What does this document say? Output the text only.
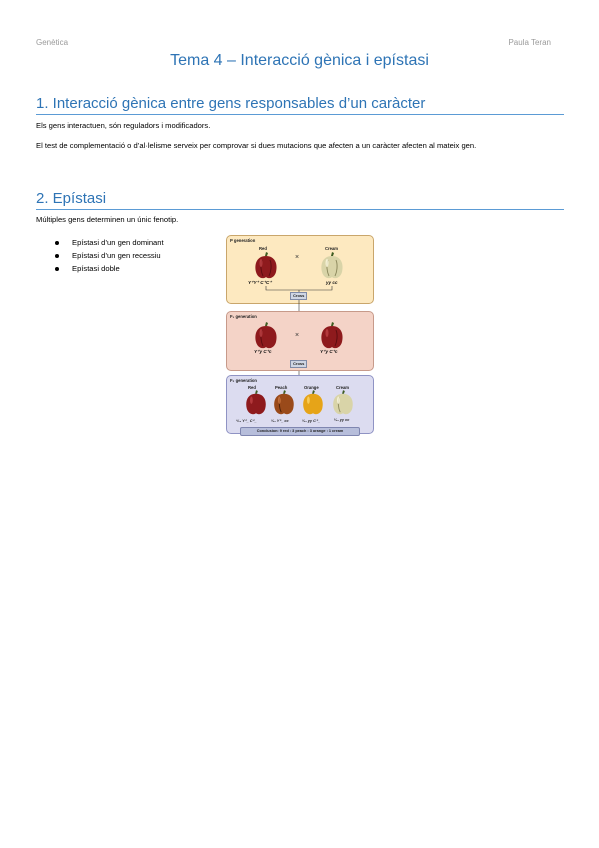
Genètica	Paula Teran
Tema 4 – Interacció gènica i epístasi
1. Interacció gènica entre gens responsables d’un caràcter
Els gens interactuen, són reguladors i modificadors.
El test de complementació o d’al·lelisme serveix per comprovar si dues mutacions que afecten a un caràcter afecten al mateix gen.
2. Epístasi
Múltiples gens determinen un únic fenotip.
Epístasi d’un gen dominant
Epístasi d’un gen recessiu
Epístasi doble
P generation
Red	Cream
×
Y⁺Y⁺ C⁺C⁺	yy cc
Cross
F₁ generation
×
Y⁺y C⁺c	Y⁺y C⁺c
Cross
F₂ generation
Red	Peach	Orange	Cream
⁹⁄₁₆ Y⁺_ C⁺_	³⁄₁₆ Y⁺_ cc	³⁄₁₆ yy C⁺_	¹⁄₁₆ yy cc
Conclusion: 9 red : 3 peach : 3 orange : 1 cream
